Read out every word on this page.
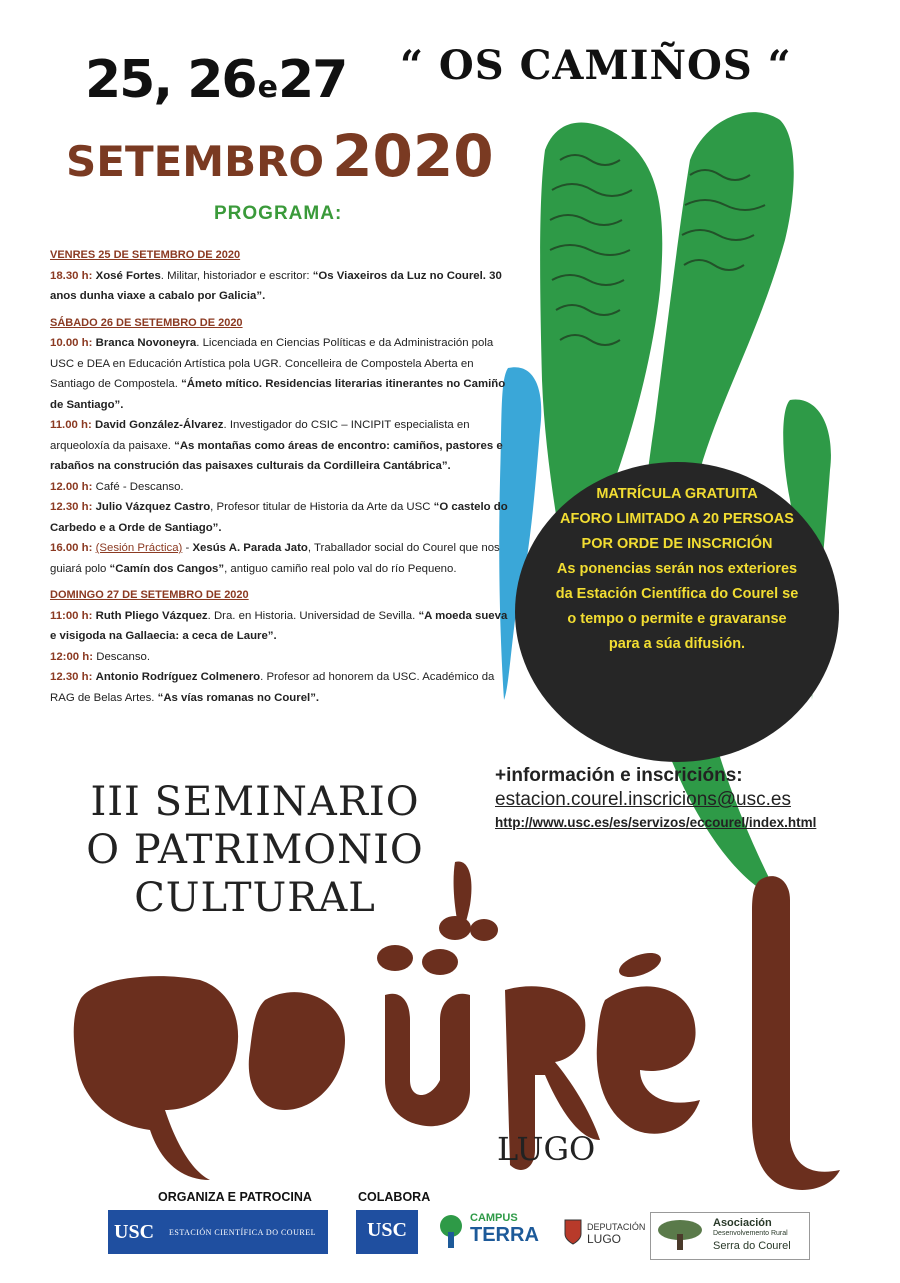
25, 26e27 “ OS CAMIÑOS “
SETEMBRO 2020
PROGRAMA:
VENRES 25 DE SETEMBRO DE 2020
18.30 h: Xosé Fortes. Militar, historiador e escritor: “Os Viaxeiros da Luz no Courel. 30 anos dunha viaxe a cabalo por Galicia”.
SÁBADO 26 DE SETEMBRO DE 2020
10.00 h: Branca Novoneyra. Licenciada en Ciencias Políticas e da Administración pola USC e DEA en Educación Artística pola UGR. Concelleira de Compostela Aberta en Santiago de Compostela. “Ámeto mítico. Residencias literarias itinerantes no Camiño de Santiago”.
11.00 h: David González-Álvarez. Investigador do CSIC – INCIPIT especialista en arqueoloxía da paisaxe. “As montañas como áreas de encontro: camiños, pastores e rabaños na construción das paisaxes culturais da Cordilleira Cantábrica”.
12.00 h: Café - Descanso.
12.30 h: Julio Vázquez Castro, Profesor titular de Historia da Arte da USC “O castelo do Carbedo e a Orde de Santiago”.
16.00 h: (Sesión Práctica) - Xesús A. Parada Jato, Traballador social do Courel que nos guiará polo “Camín dos Cangos”, antiguo camiño real polo val do río Pequeno.
DOMINGO 27 DE SETEMBRO DE 2020
11:00 h: Ruth Pliego Vázquez. Dra. en Historia. Universidad de Sevilla. “A moeda sueva e visigoda na Gallaecia: a ceca de Laure”.
12:00 h: Descanso.
12.30 h: Antonio Rodríguez Colmenero. Profesor ad honorem da USC. Académico da RAG de Belas Artes. “As vías romanas no Courel”.
MATRÍCULA GRATUITA
AFORO LIMITADO A 20 PERSOAS
POR ORDE DE INSCRICIÓN
As ponencias serán nos exteriores
da Estación Científica do Courel se
o tempo o permite e gravaranse
para a súa difusión.
+información e inscricións:
estacion.courel.inscricions@usc.es
http://www.usc.es/es/servizos/eccourel/index.html
III SEMINARIO
O PATRIMONIO
CULTURAL
LUGO
ORGANIZA E PATROCINA	COLABORA
USC	ESTACIÓN CIENTÍFICA DO COUREL	USC
CAMPUS
TERRA	DEPUTACIÓN
LUGO
Asociación
Desenvolvemento Rural
Serra do Courel
